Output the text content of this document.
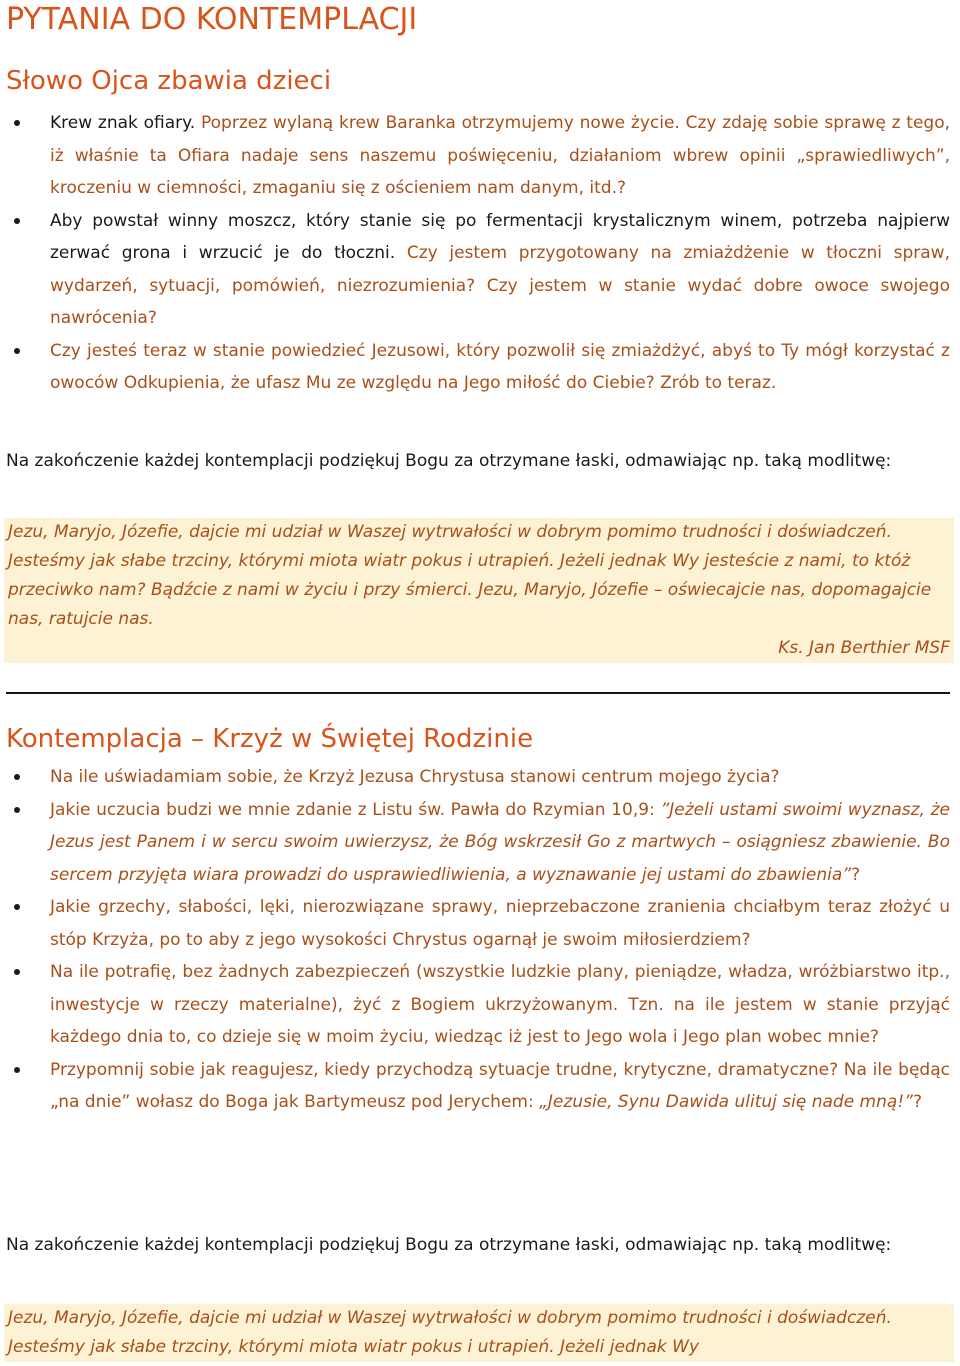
PYTANIA DO KONTEMPLACJI
Słowo Ojca zbawia dzieci
Krew znak ofiary. Poprzez wylaną krew Baranka otrzymujemy nowe życie. Czy zdaję sobie sprawę z tego, iż właśnie ta Ofiara nadaje sens naszemu poświęceniu, działaniom wbrew opinii „sprawiedliwych”, kroczeniu w ciemności, zmaganiu się z ościeniem nam danym, itd.?
Aby powstał winny moszcz, który stanie się po fermentacji krystalicznym winem, potrzeba najpierw zerwać grona i wrzucić je do tłoczni. Czy jestem przygotowany na zmiażdżenie w tłoczni spraw, wydarzeń, sytuacji, pomówień, niezrozumienia? Czy jestem w stanie wydać dobre owoce swojego nawrócenia?
Czy jesteś teraz w stanie powiedzieć Jezusowi, który pozwolił się zmiażdżyć, abyś to Ty mógł korzystać z owoców Odkupienia, że ufasz Mu ze względu na Jego miłość do Ciebie? Zrób to teraz.

Na zakończenie każdej kontemplacji podziękuj Bogu za otrzymane łaski, odmawiając np. taką modlitwę:

Jezu, Maryjo, Józefie, dajcie mi udział w Waszej wytrwałości w dobrym pomimo trudności i doświadczeń. Jesteśmy jak słabe trzciny, którymi miota wiatr pokus i utrapień. Jeżeli jednak Wy jesteście z nami, to któż przeciwko nam? Bądźcie z nami w życiu i przy śmierci. Jezu, Maryjo, Józefie – oświecajcie nas, dopomagajcie nas, ratujcie nas.

Ks. Jan Berthier MSF

Kontemplacja – Krzyż w Świętej Rodzinie
Na ile uświadamiam sobie, że Krzyż Jezusa Chrystusa stanowi centrum mojego życia?
Jakie uczucia budzi we mnie zdanie z Listu św. Pawła do Rzymian 10,9: ”Jeżeli ustami swoimi wyznasz, że Jezus jest Panem i w sercu swoim uwierzysz, że Bóg wskrzesił Go z martwych – osiągniesz zbawienie. Bo sercem przyjęta wiara prowadzi do usprawiedliwienia, a wyznawanie jej ustami do zbawienia”?
Jakie grzechy, słabości, lęki, nierozwiązane sprawy, nieprzebaczone zranienia chciałbym teraz złożyć u stóp Krzyża, po to aby z jego wysokości Chrystus ogarnął je swoim miłosierdziem?
Na ile potrafię, bez żadnych zabezpieczeń (wszystkie ludzkie plany, pieniądze, władza, wróżbiarstwo itp., inwestycje w rzeczy materialne), żyć z Bogiem ukrzyżowanym. Tzn. na ile jestem w stanie przyjąć każdego dnia to, co dzieje się w moim życiu, wiedząc iż jest to Jego wola i Jego plan wobec mnie?
Przypomnij sobie jak reagujesz, kiedy przychodzą sytuacje trudne, krytyczne, dramatyczne? Na ile będąc „na dnie” wołasz do Boga jak Bartymeusz pod Jerychem: „Jezusie, Synu Dawida ulituj się nade mną!”?

Na zakończenie każdej kontemplacji podziękuj Bogu za otrzymane łaski, odmawiając np. taką modlitwę:

Jezu, Maryjo, Józefie, dajcie mi udział w Waszej wytrwałości w dobrym pomimo trudności i doświadczeń. Jesteśmy jak słabe trzciny, którymi miota wiatr pokus i utrapień. Jeżeli jednak Wy
